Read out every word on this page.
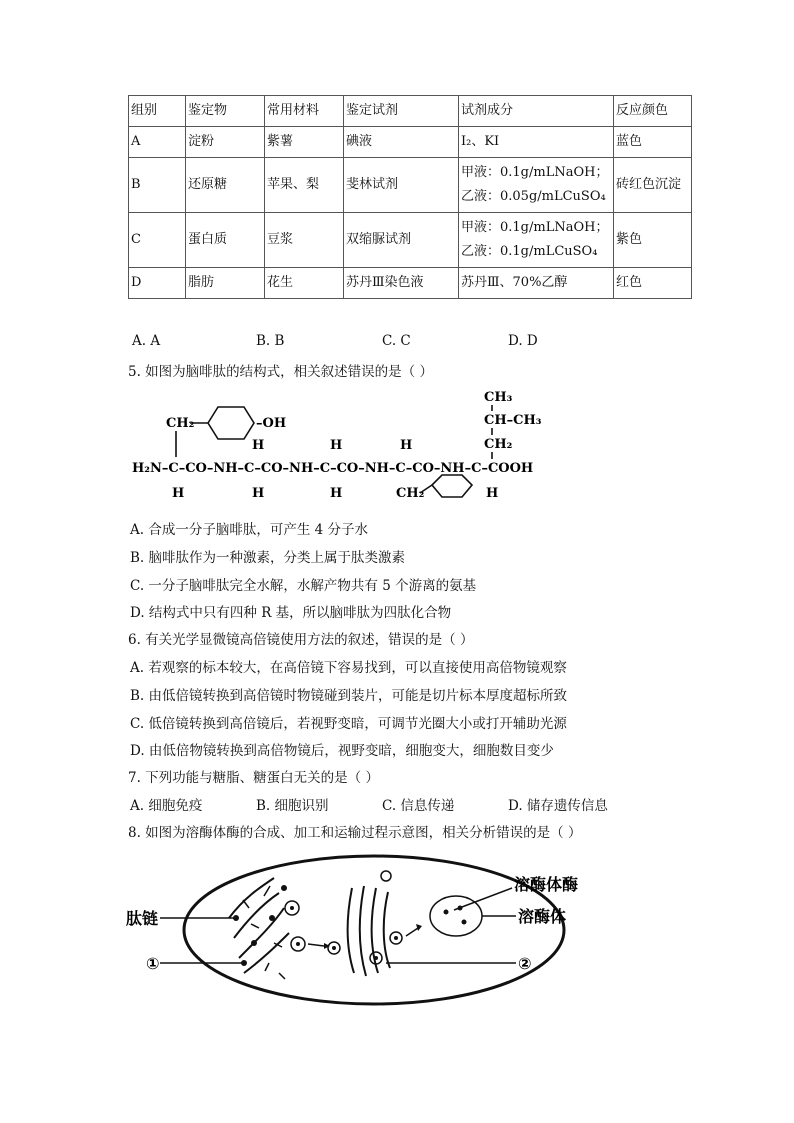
组别	鉴定物	常用材料	鉴定试剂	试剂成分	反应颜色
A	淀粉	紫薯	碘液	I₂、KI	蓝色
B	还原糖	苹果、梨	斐林试剂	甲液：0.1g/mLNaOH；乙液：0.05g/mLCuSO₄	砖红色沉淀
C	蛋白质	豆浆	双缩脲试剂	甲液：0.1g/mLNaOH；乙液：0.1g/mLCuSO₄	紫色
D	脂肪	花生	苏丹Ⅲ染色液	苏丹Ⅲ、70%乙醇	红色
A. A	B. B	C. C	D. D
5. 如图为脑啡肽的结构式，相关叙述错误的是（ ）
CH₂	–OH
H₂N–C–CO–NH–C–CO–NH–C–CO–NH–C–CO–NH–C–COOH
H
H
H
H
H
H
CH₂	H
CH₃
CH–CH₃
CH₂
A. 合成一分子脑啡肽，可产生 4 分子水
B. 脑啡肽作为一种激素，分类上属于肽类激素
C. 一分子脑啡肽完全水解，水解产物共有 5 个游离的氨基
D. 结构式中只有四种 R 基，所以脑啡肽为四肽化合物
6. 有关光学显微镜高倍镜使用方法的叙述，错误的是（ ）
A. 若观察的标本较大，在高倍镜下容易找到，可以直接使用高倍物镜观察
B. 由低倍镜转换到高倍镜时物镜碰到装片，可能是切片标本厚度超标所致
C. 低倍镜转换到高倍镜后，若视野变暗，可调节光圈大小或打开辅助光源
D. 由低倍物镜转换到高倍物镜后，视野变暗，细胞变大，细胞数目变少
7. 下列功能与糖脂、糖蛋白无关的是（ ）
A. 细胞免疫	B. 细胞识别	C. 信息传递	D. 储存遗传信息
8. 如图为溶酶体酶的合成、加工和运输过程示意图，相关分析错误的是（ ）
肽链
①	②
溶酶体酶
溶酶体
